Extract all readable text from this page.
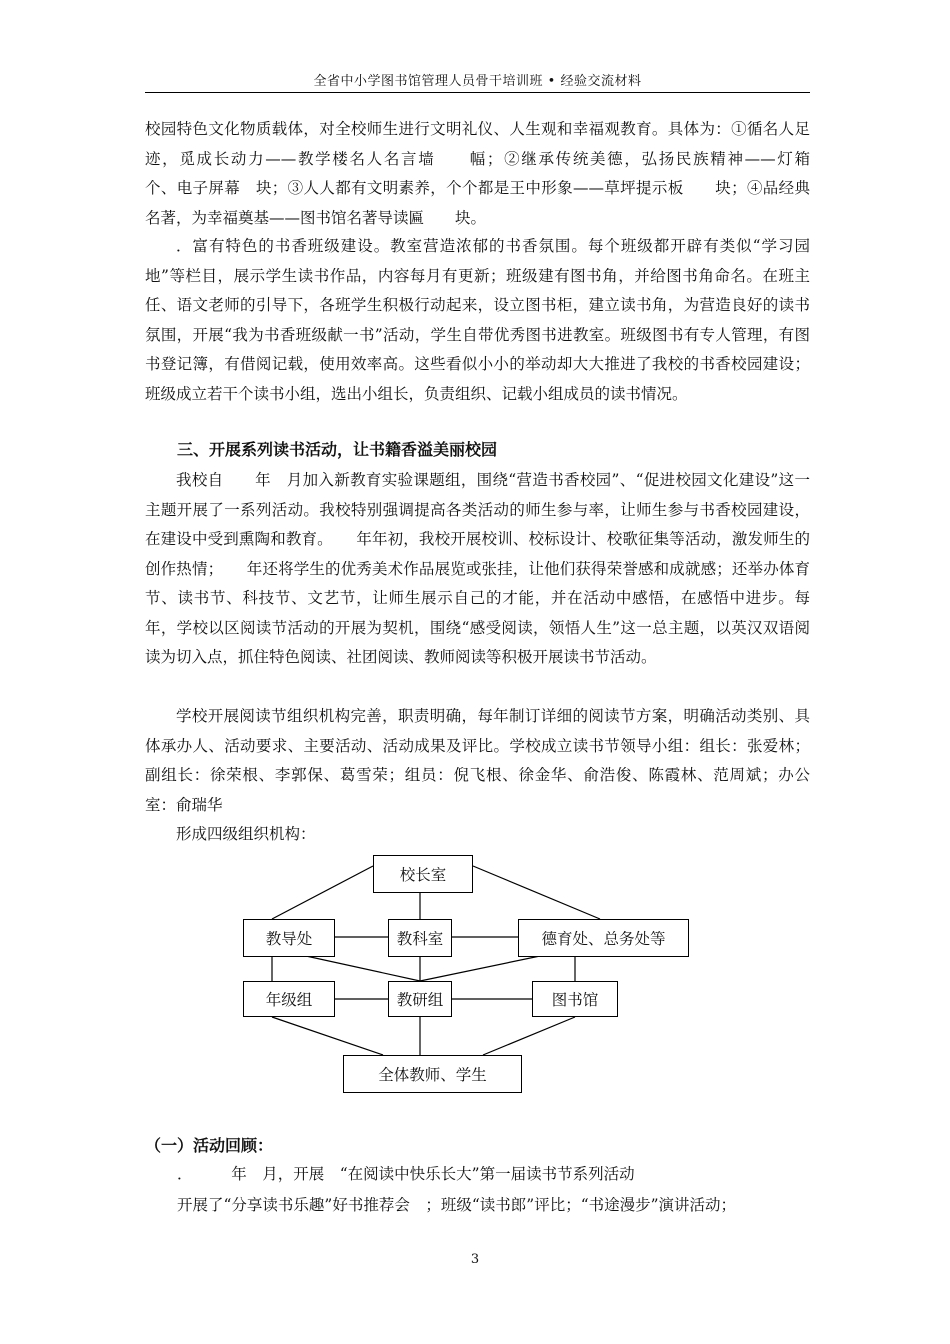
全省中小学图书馆管理人员骨干培训班 • 经验交流材料
校园特色文化物质载体，对全校师生进行文明礼仪、人生观和幸福观教育。具体为：①循名人足迹，觅成长动力——教学楼名人名言墙　　幅；②继承传统美德，弘扬民族精神——灯箱　　个、电子屏幕　块；③人人都有文明素养，个个都是王中形象——草坪提示板　　块；④品经典名著，为幸福奠基——图书馆名著导读匾　　块。
．富有特色的书香班级建设。教室营造浓郁的书香氛围。每个班级都开辟有类似“学习园地”等栏目，展示学生读书作品，内容每月有更新；班级建有图书角，并给图书角命名。在班主任、语文老师的引导下，各班学生积极行动起来，设立图书柜，建立读书角，为营造良好的读书氛围，开展“我为书香班级献一书”活动，学生自带优秀图书进教室。班级图书有专人管理，有图书登记簿，有借阅记载，使用效率高。这些看似小小的举动却大大推进了我校的书香校园建设；班级成立若干个读书小组，选出小组长，负责组织、记载小组成员的读书情况。
三、开展系列读书活动，让书籍香溢美丽校园
我校自　　年　月加入新教育实验课题组，围绕“营造书香校园”、“促进校园文化建设”这一主题开展了一系列活动。我校特别强调提高各类活动的师生参与率，让师生参与书香校园建设，在建设中受到熏陶和教育。　　年年初，我校开展校训、校标设计、校歌征集等活动，激发师生的创作热情；　　年还将学生的优秀美术作品展览或张挂，让他们获得荣誉感和成就感；还举办体育节、读书节、科技节、文艺节，让师生展示自己的才能，并在活动中感悟，在感悟中进步。每年，学校以区阅读节活动的开展为契机，围绕“感受阅读，领悟人生”这一总主题，以英汉双语阅读为切入点，抓住特色阅读、社团阅读、教师阅读等积极开展读书节活动。
学校开展阅读节组织机构完善，职责明确，每年制订详细的阅读节方案，明确活动类别、具体承办人、活动要求、主要活动、活动成果及评比。学校成立读书节领导小组：组长：张爱林；副组长：徐荣根、李郭保、葛雪荣；组员：倪飞根、徐金华、俞浩俊、陈霞林、范周斌；办公室：俞瑞华
形成四级组织机构：
校长室
教导处	教科室	德育处、总务处等
年级组	教研组	图书馆
全体教师、学生
（一）活动回顾：
．　　　年　月，开展　“在阅读中快乐长大”第一届读书节系列活动
开展了“分享读书乐趣”好书推荐会　；班级“读书郎”评比；“书途漫步”演讲活动；
3
